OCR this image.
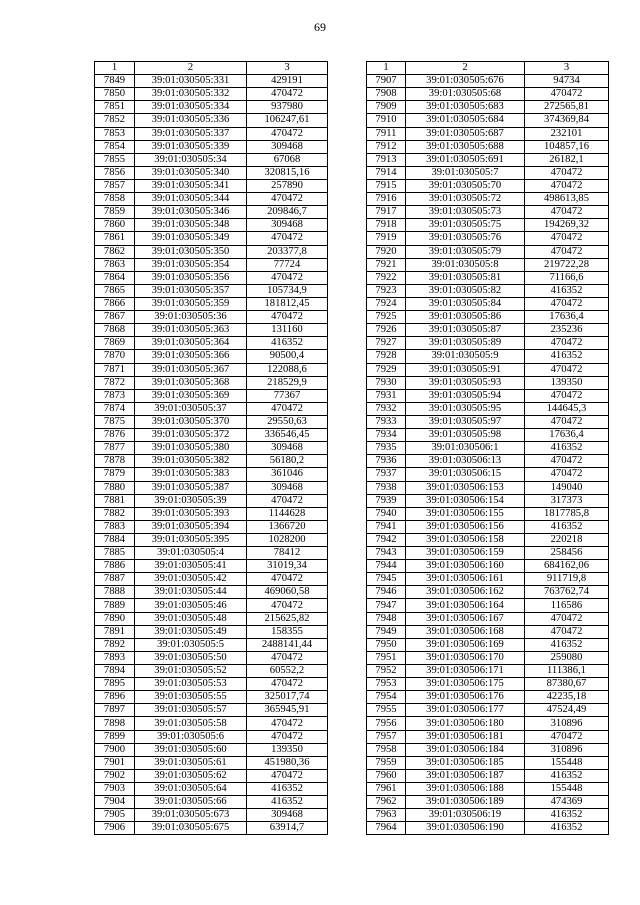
69
1	2	3
7849	39:01:030505:331	429191
7850	39:01:030505:332	470472
7851	39:01:030505:334	937980
7852	39:01:030505:336	106247,61
7853	39:01:030505:337	470472
7854	39:01:030505:339	309468
7855	39:01:030505:34	67068
7856	39:01:030505:340	320815,16
7857	39:01:030505:341	257890
7858	39:01:030505:344	470472
7859	39:01:030505:346	209846,7
7860	39:01:030505:348	309468
7861	39:01:030505:349	470472
7862	39:01:030505:350	203377,8
7863	39:01:030505:354	77724
7864	39:01:030505:356	470472
7865	39:01:030505:357	105734,9
7866	39:01:030505:359	181812,45
7867	39:01:030505:36	470472
7868	39:01:030505:363	131160
7869	39:01:030505:364	416352
7870	39:01:030505:366	90500,4
7871	39:01:030505:367	122088,6
7872	39:01:030505:368	218529,9
7873	39:01:030505:369	77367
7874	39:01:030505:37	470472
7875	39:01:030505:370	29550,63
7876	39:01:030505:372	336546,45
7877	39:01:030505:380	309468
7878	39:01:030505:382	56180,2
7879	39:01:030505:383	361046
7880	39:01:030505:387	309468
7881	39:01:030505:39	470472
7882	39:01:030505:393	1144628
7883	39:01:030505:394	1366720
7884	39:01:030505:395	1028200
7885	39:01:030505:4	78412
7886	39:01:030505:41	31019,34
7887	39:01:030505:42	470472
7888	39:01:030505:44	469060,58
7889	39:01:030505:46	470472
7890	39:01:030505:48	215625,82
7891	39:01:030505:49	158355
7892	39:01:030505:5	2488141,44
7893	39:01:030505:50	470472
7894	39:01:030505:52	60552,2
7895	39:01:030505:53	470472
7896	39:01:030505:55	325017,74
7897	39:01:030505:57	365945,91
7898	39:01:030505:58	470472
7899	39:01:030505:6	470472
7900	39:01:030505:60	139350
7901	39:01:030505:61	451980,36
7902	39:01:030505:62	470472
7903	39:01:030505:64	416352
7904	39:01:030505:66	416352
7905	39:01:030505:673	309468
7906	39:01:030505:675	63914,7
1	2	3
7907	39:01:030505:676	94734
7908	39:01:030505:68	470472
7909	39:01:030505:683	272565,81
7910	39:01:030505:684	374369,84
7911	39:01:030505:687	232101
7912	39:01:030505:688	104857,16
7913	39:01:030505:691	26182,1
7914	39:01:030505:7	470472
7915	39:01:030505:70	470472
7916	39:01:030505:72	498613,85
7917	39:01:030505:73	470472
7918	39:01:030505:75	194269,32
7919	39:01:030505:76	470472
7920	39:01:030505:79	470472
7921	39:01:030505:8	219722,28
7922	39:01:030505:81	71166,6
7923	39:01:030505:82	416352
7924	39:01:030505:84	470472
7925	39:01:030505:86	17636,4
7926	39:01:030505:87	235236
7927	39:01:030505:89	470472
7928	39:01:030505:9	416352
7929	39:01:030505:91	470472
7930	39:01:030505:93	139350
7931	39:01:030505:94	470472
7932	39:01:030505:95	144645,3
7933	39:01:030505:97	470472
7934	39:01:030505:98	17636,4
7935	39:01:030506:1	416352
7936	39:01:030506:13	470472
7937	39:01:030506:15	470472
7938	39:01:030506:153	149040
7939	39:01:030506:154	317373
7940	39:01:030506:155	1817785,8
7941	39:01:030506:156	416352
7942	39:01:030506:158	220218
7943	39:01:030506:159	258456
7944	39:01:030506:160	684162,06
7945	39:01:030506:161	911719,8
7946	39:01:030506:162	763762,74
7947	39:01:030506:164	116586
7948	39:01:030506:167	470472
7949	39:01:030506:168	470472
7950	39:01:030506:169	416352
7951	39:01:030506:170	259080
7952	39:01:030506:171	111386,1
7953	39:01:030506:175	87380,67
7954	39:01:030506:176	42235,18
7955	39:01:030506:177	47524,49
7956	39:01:030506:180	310896
7957	39:01:030506:181	470472
7958	39:01:030506:184	310896
7959	39:01:030506:185	155448
7960	39:01:030506:187	416352
7961	39:01:030506:188	155448
7962	39:01:030506:189	474369
7963	39:01:030506:19	416352
7964	39:01:030506:190	416352
